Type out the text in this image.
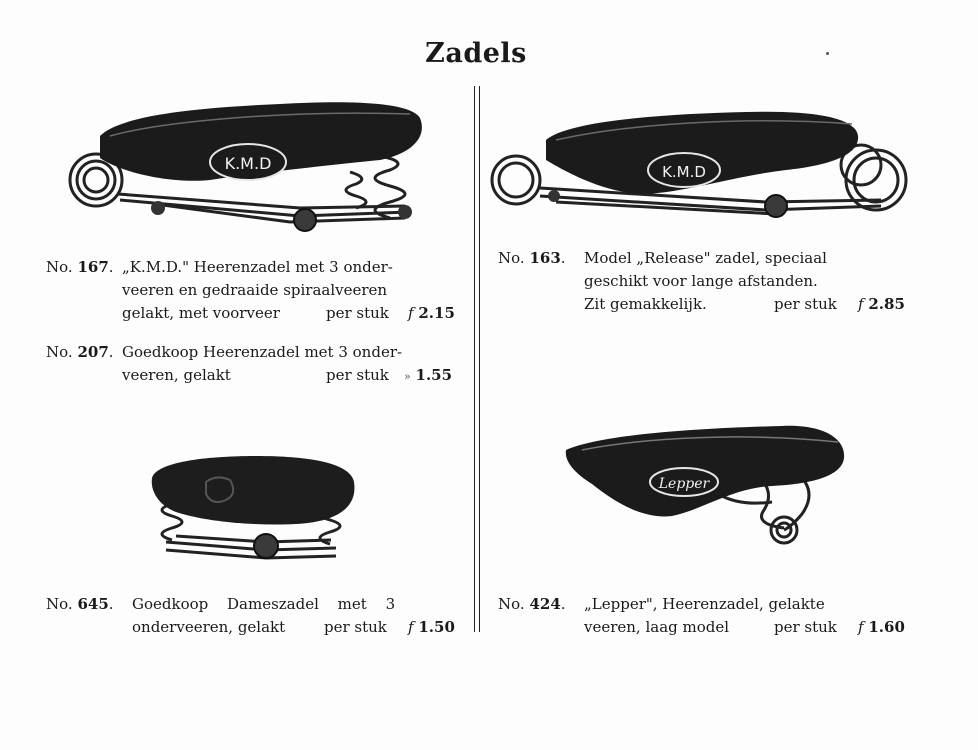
Zadels
K.M.D	K.M.D
Lepper
No. 167. „K.M.D." Heerenzadel met 3 onder-
veeren en gedraaide spiraalveeren
gelakt, met voorveer	per stuk f 2.15
No. 207. Goedkoop Heerenzadel met 3 onder-
veeren, gelakt	per stuk » 1.55
No. 163. Model „Release" zadel, speciaal
geschikt voor lange afstanden.
Zit gemakkelijk.	per stuk f 2.85
No. 645. Goedkoop Dameszadel met 3
onderveeren, gelakt	per stuk f 1.50
No. 424. „Lepper", Heerenzadel, gelakte
veeren, laag model	per stuk f 1.60
